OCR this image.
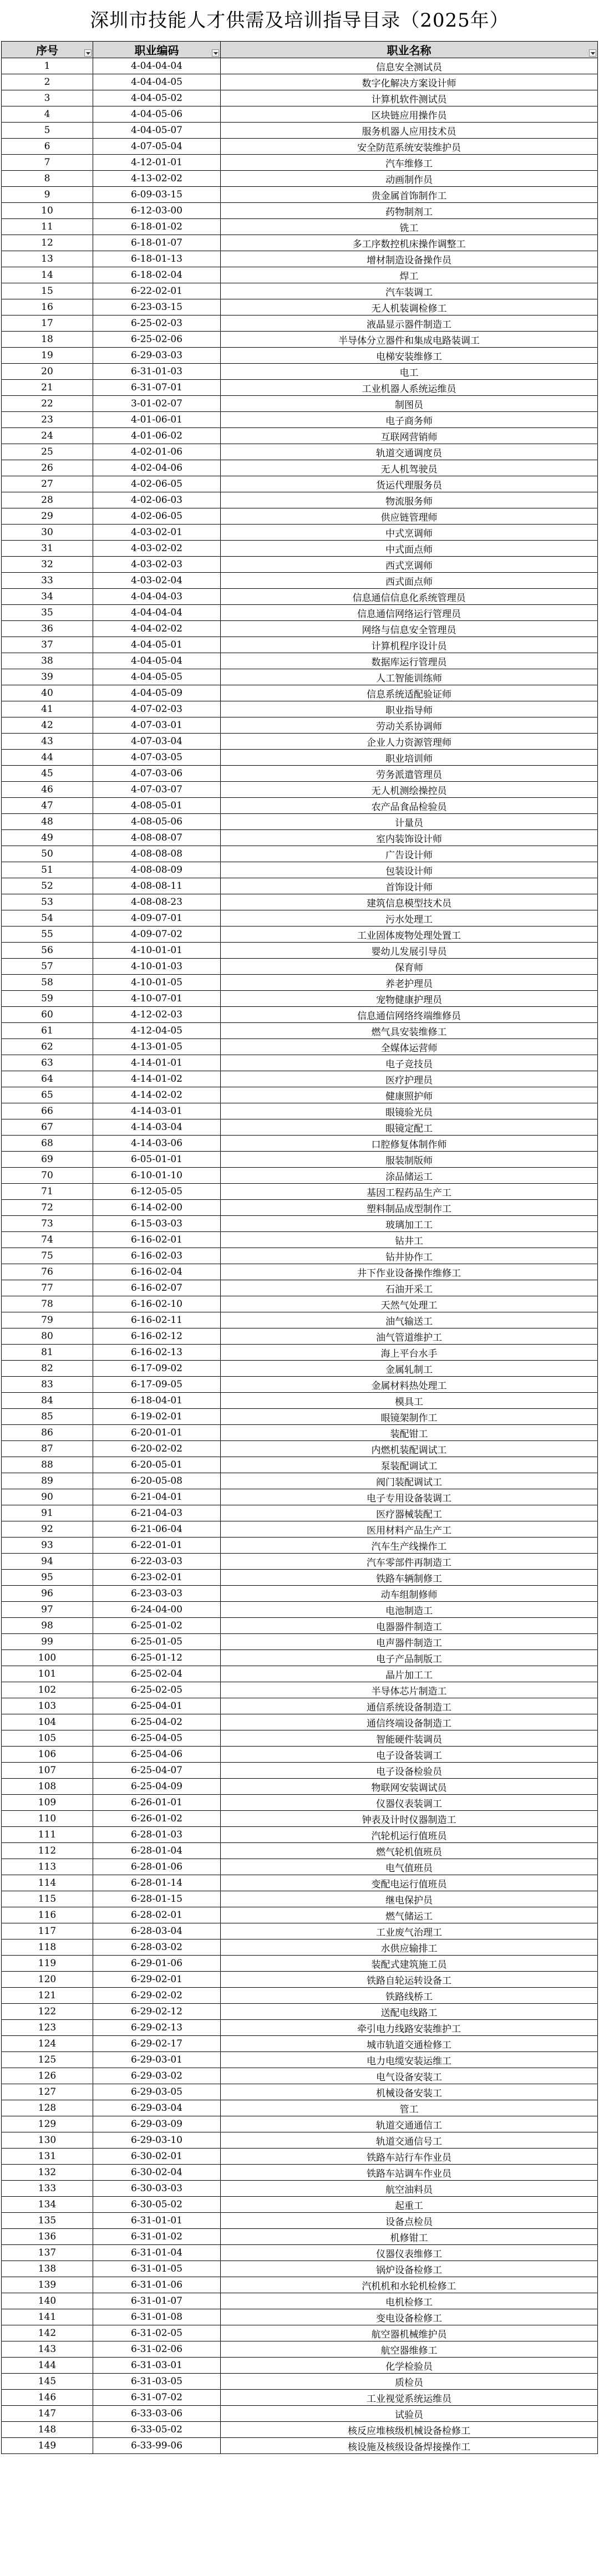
深圳市技能人才供需及培训指导目录（2025年）
序号	职业编码	职业名称

1	4-04-04-04	信息安全测试员
2	4-04-04-05	数字化解决方案设计师
3	4-04-05-02	计算机软件测试员
4	4-04-05-06	区块链应用操作员
5	4-04-05-07	服务机器人应用技术员
6	4-07-05-04	安全防范系统安装维护员
7	4-12-01-01	汽车维修工
8	4-13-02-02	动画制作员
9	6-09-03-15	贵金属首饰制作工
10	6-12-03-00	药物制剂工
11	6-18-01-02	铣工
12	6-18-01-07	多工序数控机床操作调整工
13	6-18-01-13	增材制造设备操作员
14	6-18-02-04	焊工
15	6-22-02-01	汽车装调工
16	6-23-03-15	无人机装调检修工
17	6-25-02-03	液晶显示器件制造工
18	6-25-02-06	半导体分立器件和集成电路装调工
19	6-29-03-03	电梯安装维修工
20	6-31-01-03	电工
21	6-31-07-01	工业机器人系统运维员
22	3-01-02-07	制图员
23	4-01-06-01	电子商务师
24	4-01-06-02	互联网营销师
25	4-02-01-06	轨道交通调度员
26	4-02-04-06	无人机驾驶员
27	4-02-06-05	货运代理服务员
28	4-02-06-03	物流服务师
29	4-02-06-05	供应链管理师
30	4-03-02-01	中式烹调师
31	4-03-02-02	中式面点师
32	4-03-02-03	西式烹调师
33	4-03-02-04	西式面点师
34	4-04-04-03	信息通信信息化系统管理员
35	4-04-04-04	信息通信网络运行管理员
36	4-04-02-02	网络与信息安全管理员
37	4-04-05-01	计算机程序设计员
38	4-04-05-04	数据库运行管理员
39	4-04-05-05	人工智能训练师
40	4-04-05-09	信息系统适配验证师
41	4-07-02-03	职业指导师
42	4-07-03-01	劳动关系协调师
43	4-07-03-04	企业人力资源管理师
44	4-07-03-05	职业培训师
45	4-07-03-06	劳务派遣管理员
46	4-07-03-07	无人机测绘操控员
47	4-08-05-01	农产品食品检验员
48	4-08-05-06	计量员
49	4-08-08-07	室内装饰设计师
50	4-08-08-08	广告设计师
51	4-08-08-09	包装设计师
52	4-08-08-11	首饰设计师
53	4-08-08-23	建筑信息模型技术员
54	4-09-07-01	污水处理工
55	4-09-07-02	工业固体废物处理处置工
56	4-10-01-01	婴幼儿发展引导员
57	4-10-01-03	保育师
58	4-10-01-05	养老护理员
59	4-10-07-01	宠物健康护理员
60	4-12-02-03	信息通信网络终端维修员
61	4-12-04-05	燃气具安装维修工
62	4-13-01-05	全媒体运营师
63	4-14-01-01	电子竞技员
64	4-14-01-02	医疗护理员
65	4-14-02-02	健康照护师
66	4-14-03-01	眼镜验光员
67	4-14-03-04	眼镜定配工
68	4-14-03-06	口腔修复体制作师
69	6-05-01-01	服装制版师
70	6-10-01-10	涂品储运工
71	6-12-05-05	基因工程药品生产工
72	6-14-02-00	塑料制品成型制作工
73	6-15-03-03	玻璃加工工
74	6-16-02-01	钻井工
75	6-16-02-03	钻井协作工
76	6-16-02-04	井下作业设备操作维修工
77	6-16-02-07	石油开采工
78	6-16-02-10	天然气处理工
79	6-16-02-11	油气输送工
80	6-16-02-12	油气管道维护工
81	6-16-02-13	海上平台水手
82	6-17-09-02	金属轧制工
83	6-17-09-05	金属材料热处理工
84	6-18-04-01	模具工
85	6-19-02-01	眼镜架制作工
86	6-20-01-01	装配钳工
87	6-20-02-02	内燃机装配调试工
88	6-20-05-01	泵装配调试工
89	6-20-05-08	阀门装配调试工
90	6-21-04-01	电子专用设备装调工
91	6-21-04-03	医疗器械装配工
92	6-21-06-04	医用材料产品生产工
93	6-22-01-01	汽车生产线操作工
94	6-22-03-03	汽车零部件再制造工
95	6-23-02-01	铁路车辆制修工
96	6-23-03-03	动车组制修师
97	6-24-04-00	电池制造工
98	6-25-01-02	电器器件制造工
99	6-25-01-05	电声器件制造工
100	6-25-01-12	电子产品制版工
101	6-25-02-04	晶片加工工
102	6-25-02-05	半导体芯片制造工
103	6-25-04-01	通信系统设备制造工
104	6-25-04-02	通信终端设备制造工
105	6-25-04-05	智能硬件装调员
106	6-25-04-06	电子设备装调工
107	6-25-04-07	电子设备检验员
108	6-25-04-09	物联网安装调试员
109	6-26-01-01	仪器仪表装调工
110	6-26-01-02	钟表及计时仪器制造工
111	6-28-01-03	汽轮机运行值班员
112	6-28-01-04	燃气轮机值班员
113	6-28-01-06	电气值班员
114	6-28-01-14	变配电运行值班员
115	6-28-01-15	继电保护员
116	6-28-02-01	燃气储运工
117	6-28-03-04	工业废气治理工
118	6-28-03-02	水供应输排工
119	6-29-01-06	装配式建筑施工员
120	6-29-02-01	铁路自轮运转设备工
121	6-29-02-02	铁路线桥工
122	6-29-02-12	送配电线路工
123	6-29-02-13	牵引电力线路安装维护工
124	6-29-02-17	城市轨道交通检修工
125	6-29-03-01	电力电缆安装运维工
126	6-29-03-02	电气设备安装工
127	6-29-03-05	机械设备安装工
128	6-29-03-04	管工
129	6-29-03-09	轨道交通通信工
130	6-29-03-10	轨道交通信号工
131	6-30-02-01	铁路车站行车作业员
132	6-30-02-04	铁路车站调车作业员
133	6-30-03-03	航空油料员
134	6-30-05-02	起重工
135	6-31-01-01	设备点检员
136	6-31-01-02	机修钳工
137	6-31-01-04	仪器仪表维修工
138	6-31-01-05	锅炉设备检修工
139	6-31-01-06	汽机机和水轮机检修工
140	6-31-01-07	电机检修工
141	6-31-01-08	变电设备检修工
142	6-31-02-05	航空器机械维护员
143	6-31-02-06	航空器维修工
144	6-31-03-01	化学检验员
145	6-31-03-05	质检员
146	6-31-07-02	工业视觉系统运维员
147	6-33-03-06	试验员
148	6-33-05-02	核反应堆核级机械设备检修工
149	6-33-99-06	核设施及核级设备焊接操作工
